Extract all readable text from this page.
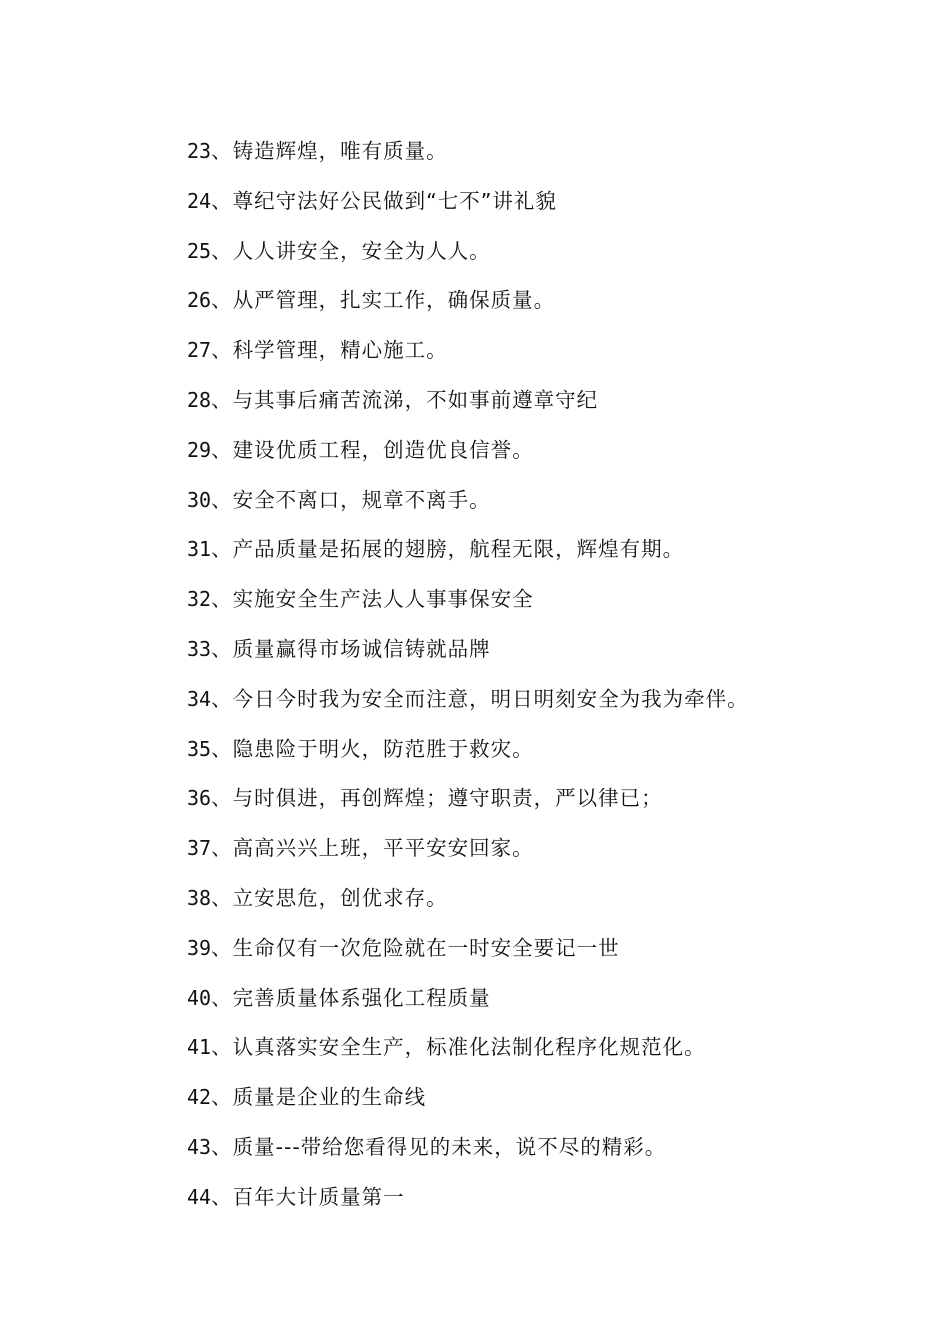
23、铸造辉煌，唯有质量。
24、尊纪守法好公民做到“七不”讲礼貌
25、人人讲安全，安全为人人。
26、从严管理，扎实工作，确保质量。
27、科学管理，精心施工。
28、与其事后痛苦流涕，不如事前遵章守纪
29、建设优质工程，创造优良信誉。
30、安全不离口，规章不离手。
31、产品质量是拓展的翅膀，航程无限，辉煌有期。
32、实施安全生产法人人事事保安全
33、质量赢得市场诚信铸就品牌
34、今日今时我为安全而注意，明日明刻安全为我为牵伴。
35、隐患险于明火，防范胜于救灾。
36、与时俱进，再创辉煌；遵守职责，严以律已；
37、高高兴兴上班，平平安安回家。
38、立安思危，创优求存。
39、生命仅有一次危险就在一时安全要记一世
40、完善质量体系强化工程质量
41、认真落实安全生产，标准化法制化程序化规范化。
42、质量是企业的生命线
43、质量---带给您看得见的未来，说不尽的精彩。
44、百年大计质量第一
